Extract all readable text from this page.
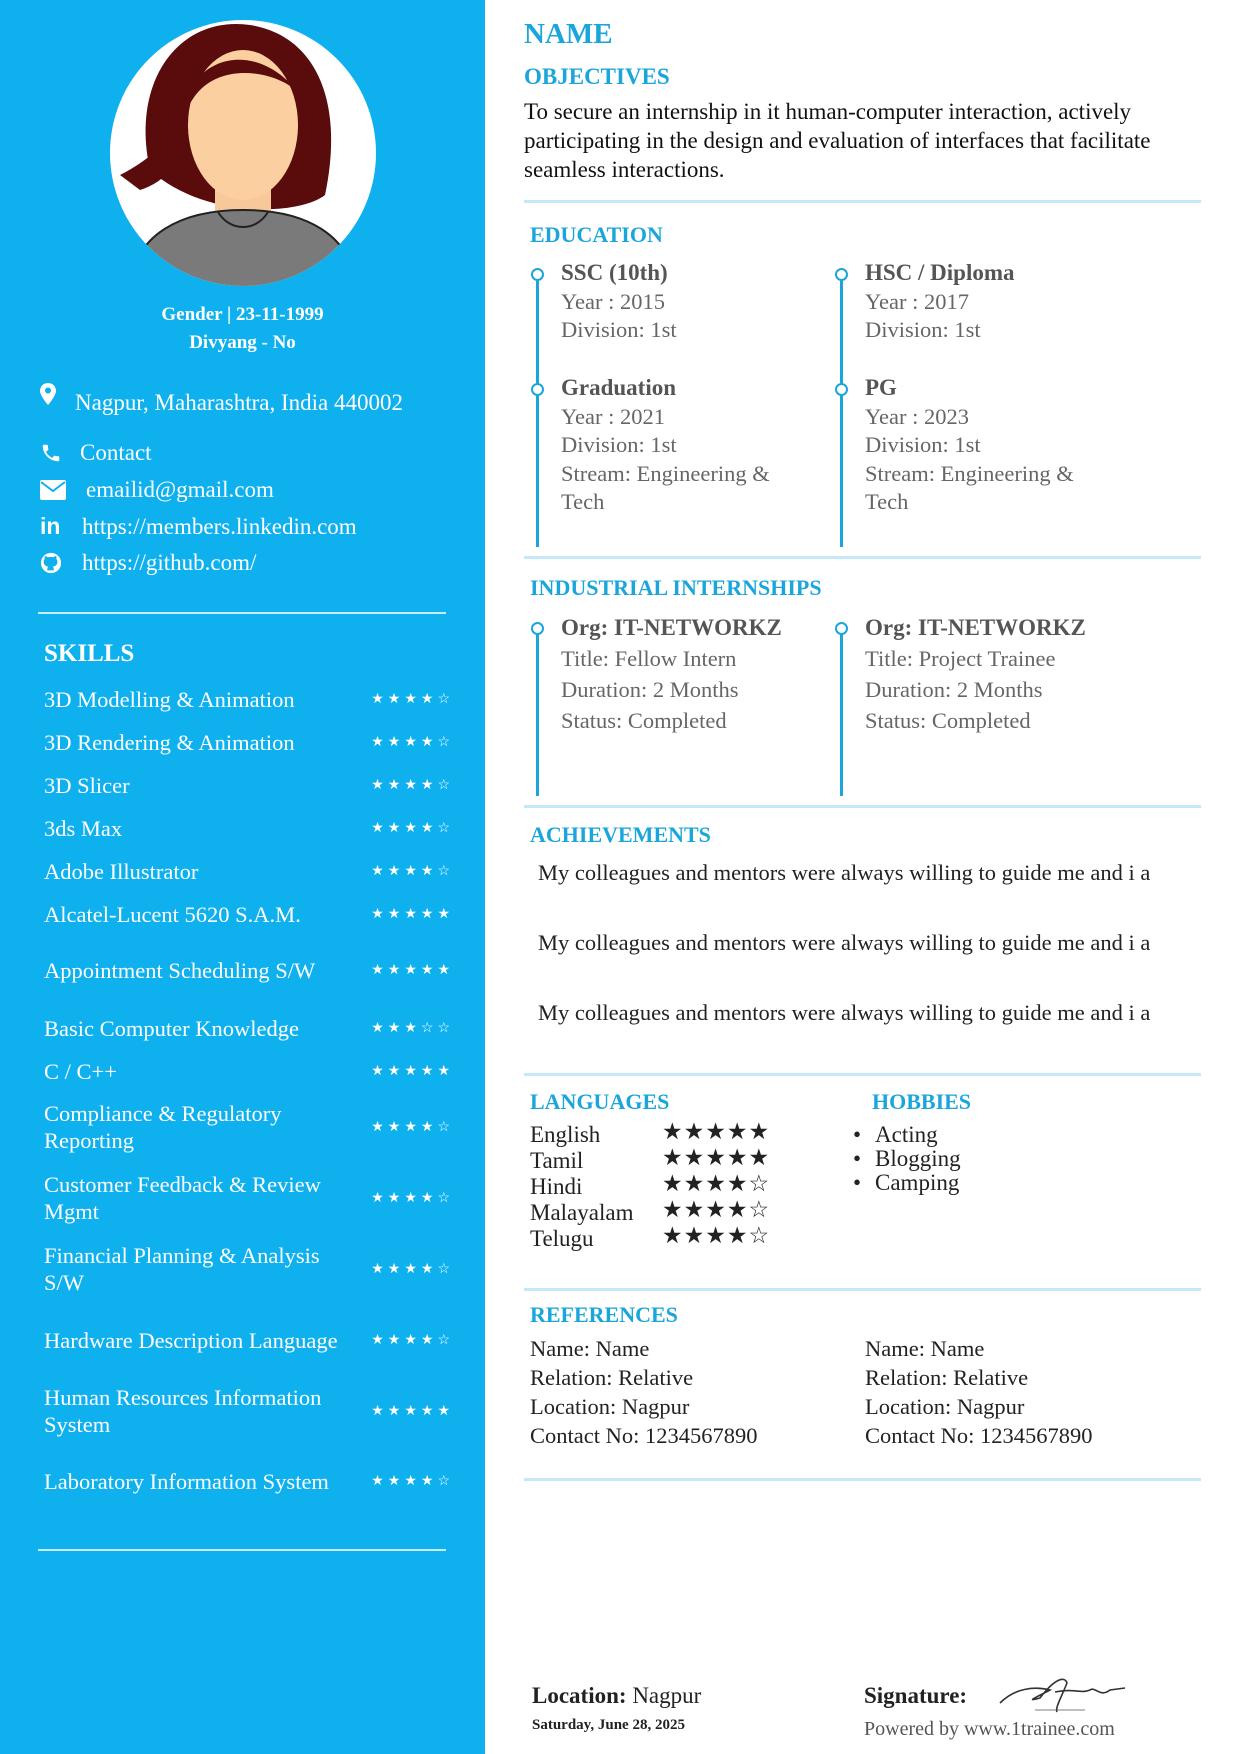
Gender | 23-11-1999
Divyang - No
Nagpur, Maharashtra, India 440002
Contact
emailid@gmail.com
in https://members.linkedin.com
https://github.com/
SKILLS
3D Modelling & Animation	★★★★☆
3D Rendering & Animation	★★★★☆
3D Slicer	★★★★☆
3ds Max	★★★★☆
Adobe Illustrator	★★★★☆
Alcatel-Lucent 5620 S.A.M.	★★★★★
Appointment Scheduling S/W	★★★★★
Basic Computer Knowledge	★★★☆☆
C / C++	★★★★★
Compliance & Regulatory Reporting
★★★★☆
Customer Feedback & Review Mgmt
★★★★☆
Financial Planning & Analysis S/W
★★★★☆
Hardware Description Language	★★★★☆
Human Resources Information System
★★★★★
Laboratory Information System	★★★★☆
NAME
OBJECTIVES
To secure an internship in it human-computer interaction, actively participating in the design and evaluation of interfaces that facilitate seamless interactions.
EDUCATION
SSC (10th)
Year : 2015
Division: 1st
HSC / Diploma
Year : 2017
Division: 1st
Graduation
Year : 2021
Division: 1st
Stream: Engineering & Tech
PG
Year : 2023
Division: 1st
Stream: Engineering & Tech
INDUSTRIAL INTERNSHIPS
Org: IT-NETWORKZ
Title: Fellow Intern
Duration: 2 Months
Status: Completed
Org: IT-NETWORKZ
Title: Project Trainee
Duration: 2 Months
Status: Completed
ACHIEVEMENTS
My colleagues and mentors were always willing to guide me and i a
My colleagues and mentors were always willing to guide me and i a
My colleagues and mentors were always willing to guide me and i a
LANGUAGES
English	★★★★★
Tamil	★★★★★
Hindi	★★★★☆
Malayalam ★★★★☆
Telugu	★★★★☆
HOBBIES
• Acting
• Blogging
• Camping
REFERENCES
Name: Name
Relation: Relative
Location: Nagpur
Contact No: 1234567890
Name: Name
Relation: Relative
Location: Nagpur
Contact No: 1234567890
Location: Nagpur
Saturday, June 28, 2025
Signature:
Powered by www.1trainee.com
